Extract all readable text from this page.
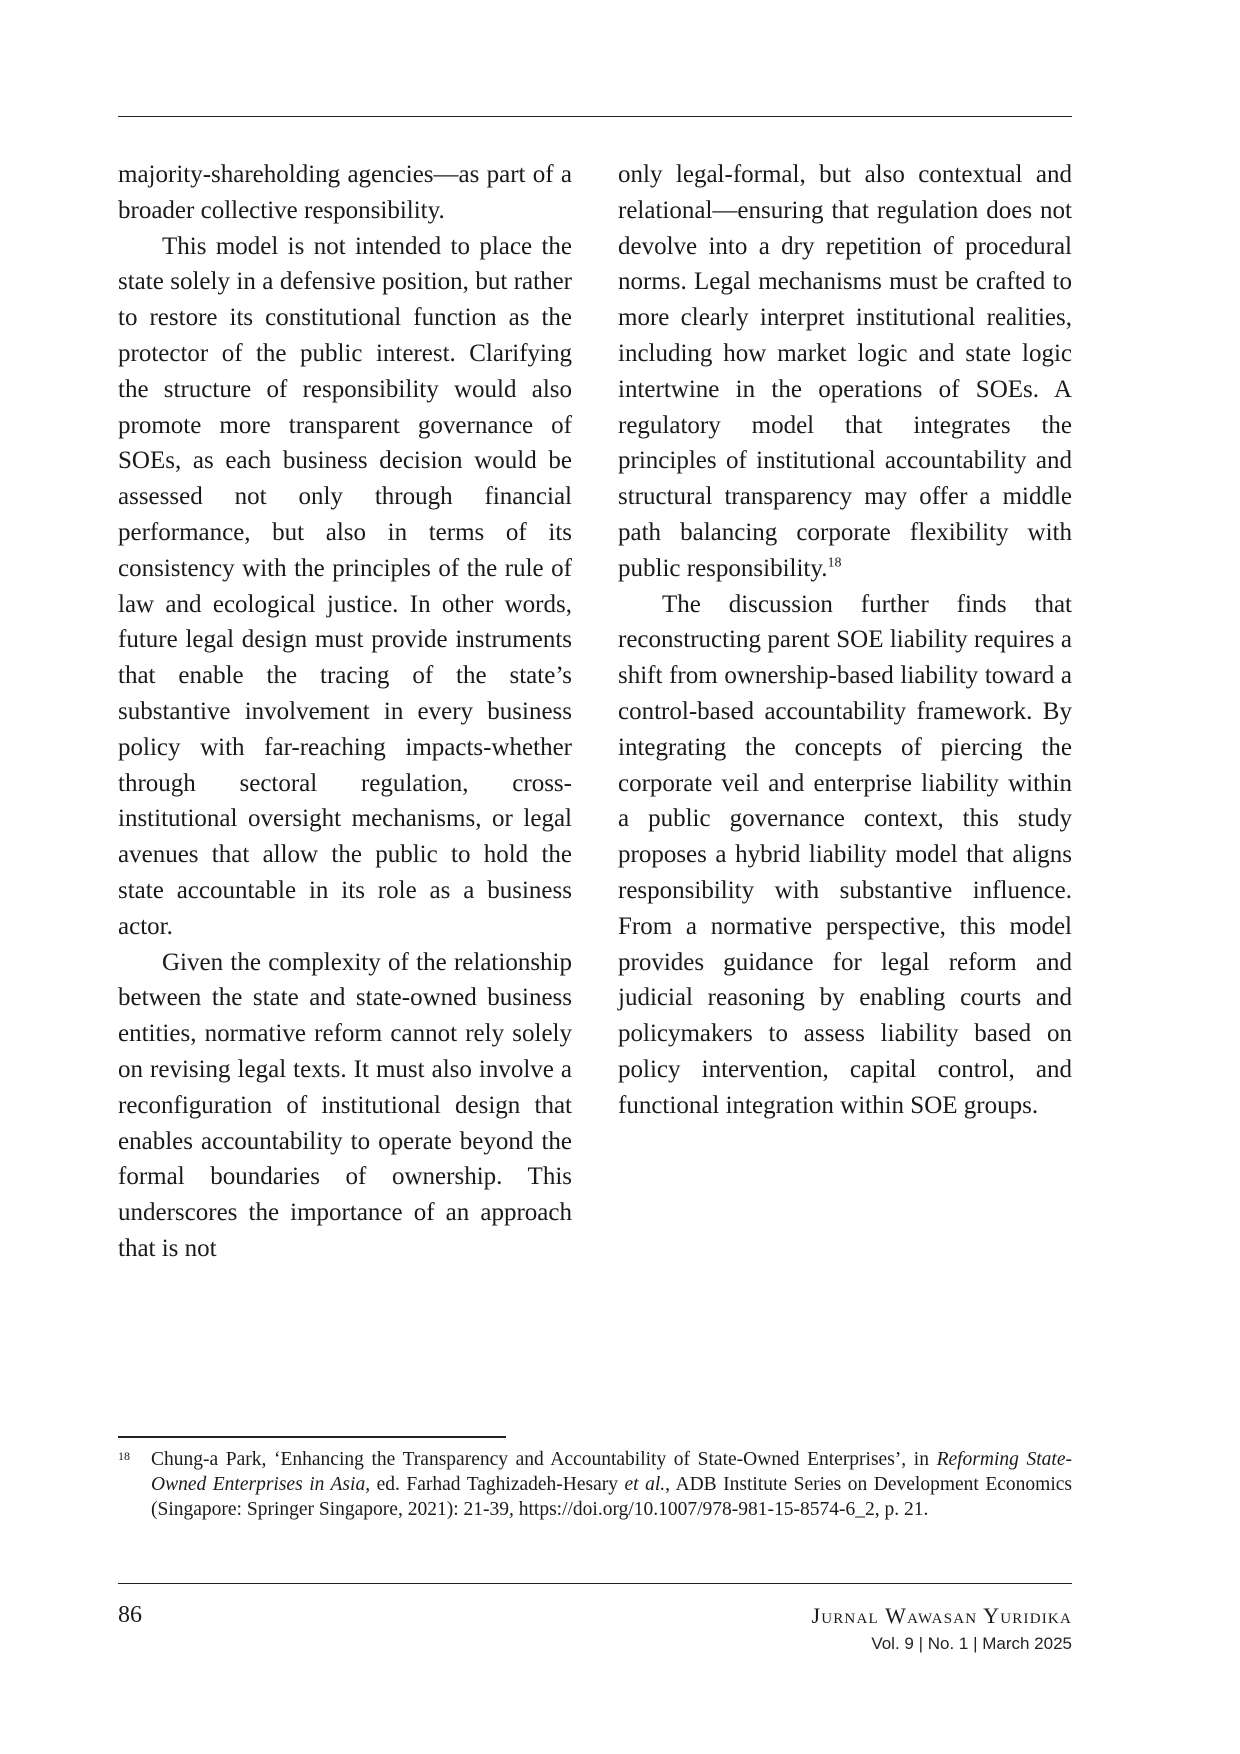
majority-shareholding agencies—as part of a broader collective responsibility.

This model is not intended to place the state solely in a defensive position, but rather to restore its constitutional function as the protector of the public interest. Clarifying the structure of responsibility would also promote more transparent governance of SOEs, as each business decision would be assessed not only through financial performance, but also in terms of its consistency with the principles of the rule of law and ecological justice. In other words, future legal design must provide instruments that enable the tracing of the state’s substantive involvement in every business policy with far-reaching impacts-whether through sectoral regulation, cross-institutional oversight mechanisms, or legal avenues that allow the public to hold the state accountable in its role as a business actor.

Given the complexity of the relationship between the state and state-owned business entities, normative reform cannot rely solely on revising legal texts. It must also involve a reconfiguration of institutional design that enables accountability to operate beyond the formal boundaries of ownership. This underscores the importance of an approach that is not

only legal-formal, but also contextual and relational—ensuring that regulation does not devolve into a dry repetition of procedural norms. Legal mechanisms must be crafted to more clearly interpret institutional realities, including how market logic and state logic intertwine in the operations of SOEs. A regulatory model that integrates the principles of institutional accountability and structural transparency may offer a middle path balancing corporate flexibility with public responsibility.$^{18}$

The discussion further finds that reconstructing parent SOE liability requires a shift from ownership-based liability toward a control-based accountability framework. By integrating the concepts of piercing the corporate veil and enterprise liability within a public governance context, this study proposes a hybrid liability model that aligns responsibility with substantive influence. From a normative perspective, this model provides guidance for legal reform and judicial reasoning by enabling courts and policymakers to assess liability based on policy intervention, capital control, and functional integration within SOE groups.

18	Chung-a Park, ‘Enhancing the Transparency and Accountability of State-Owned Enterprises’, in Reforming State-Owned Enterprises in Asia, ed. Farhad Taghizadeh-Hesary et al., ADB Institute Series on Development Economics (Singapore: Springer Singapore, 2021): 21-39, https://doi.org/10.1007/978-981-15-8574-6_2, p. 21.
86	Jurnal Wawasan Yuridika
Vol. 9 | No. 1 | March 2025
